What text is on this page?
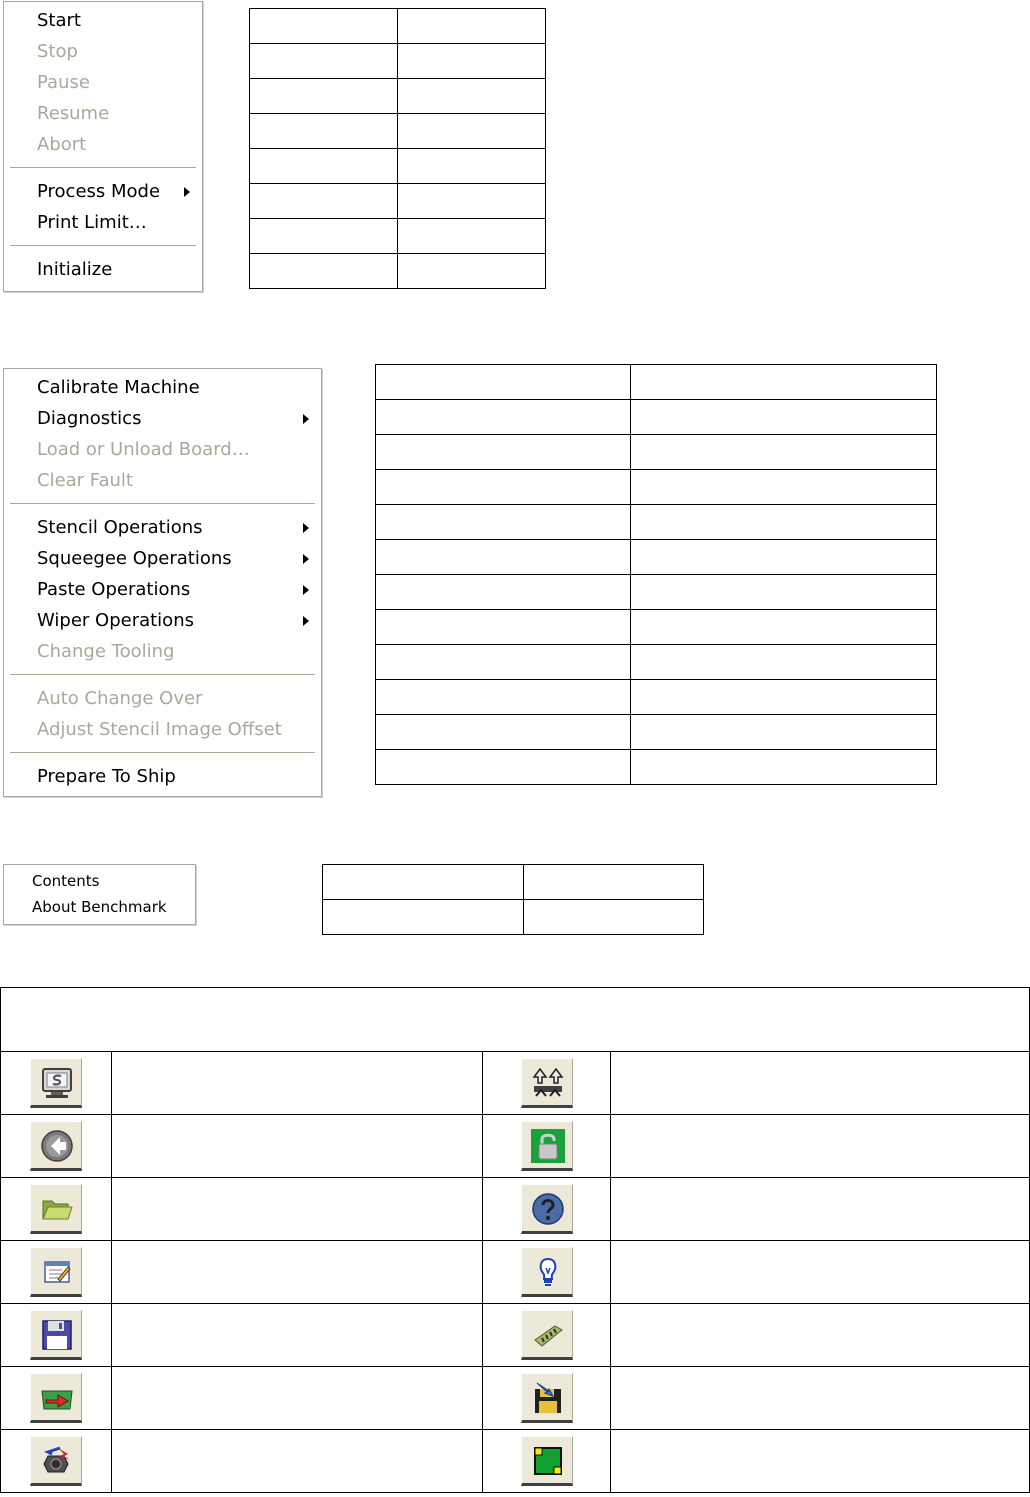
Start
Stop
Pause
Resume
Abort
Process Mode
Print Limit…
Initialize

Calibrate Machine
Diagnostics
Load or Unload Board…
Clear Fault
Stencil Operations
Squeegee Operations
Paste Operations
Wiper Operations
Change Tooling
Auto Change Over
Adjust Stencil Image Offset
Prepare To Ship

Contents
About Benchmark
